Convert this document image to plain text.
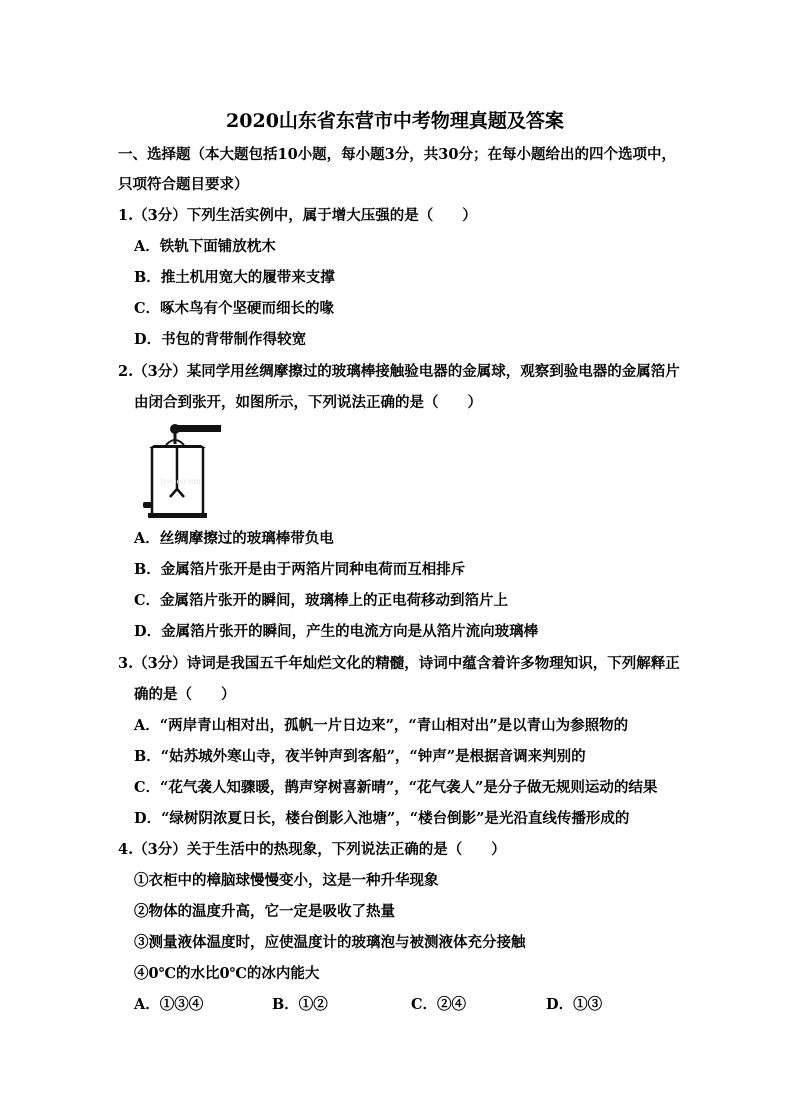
2020山东省东营市中考物理真题及答案
一、选择题（本大题包括10小题，每小题3分，共30分；在每小题给出的四个选项中，
只项符合题目要求）
1.（3分）下列生活实例中，属于增大压强的是（　　）
A．铁轨下面铺放枕木
B．推土机用宽大的履带来支撑
C．啄木鸟有个坚硬而细长的喙
D．书包的背带制作得较宽
2.（3分）某同学用丝绸摩擦过的玻璃棒接触验电器的金属球，观察到验电器的金属箔片
由闭合到张开，如图所示，下列说法正确的是（　　）
jyeoo.com
A．丝绸摩擦过的玻璃棒带负电
B．金属箔片张开是由于两箔片同种电荷而互相排斥
C．金属箔片张开的瞬间，玻璃棒上的正电荷移动到箔片上
D．金属箔片张开的瞬间，产生的电流方向是从箔片流向玻璃棒
3.（3分）诗词是我国五千年灿烂文化的精髓，诗词中蕴含着许多物理知识，下列解释正
确的是（　　）
A．“两岸青山相对出，孤帆一片日边来”，“青山相对出”是以青山为参照物的
B．“姑苏城外寒山寺，夜半钟声到客船”，“钟声”是根据音调来判别的
C．“花气袭人知骤暖，鹊声穿树喜新晴”，“花气袭人”是分子做无规则运动的结果
D．“绿树阴浓夏日长，楼台倒影入池塘”，“楼台倒影”是光沿直线传播形成的
4.（3分）关于生活中的热现象，下列说法正确的是（　　）
①衣柜中的樟脑球慢慢变小，这是一种升华现象
②物体的温度升高，它一定是吸收了热量
③测量液体温度时，应使温度计的玻璃泡与被测液体充分接触
④0℃的水比0℃的冰内能大
A．①③④	B．①②	C．②④	D．①③
